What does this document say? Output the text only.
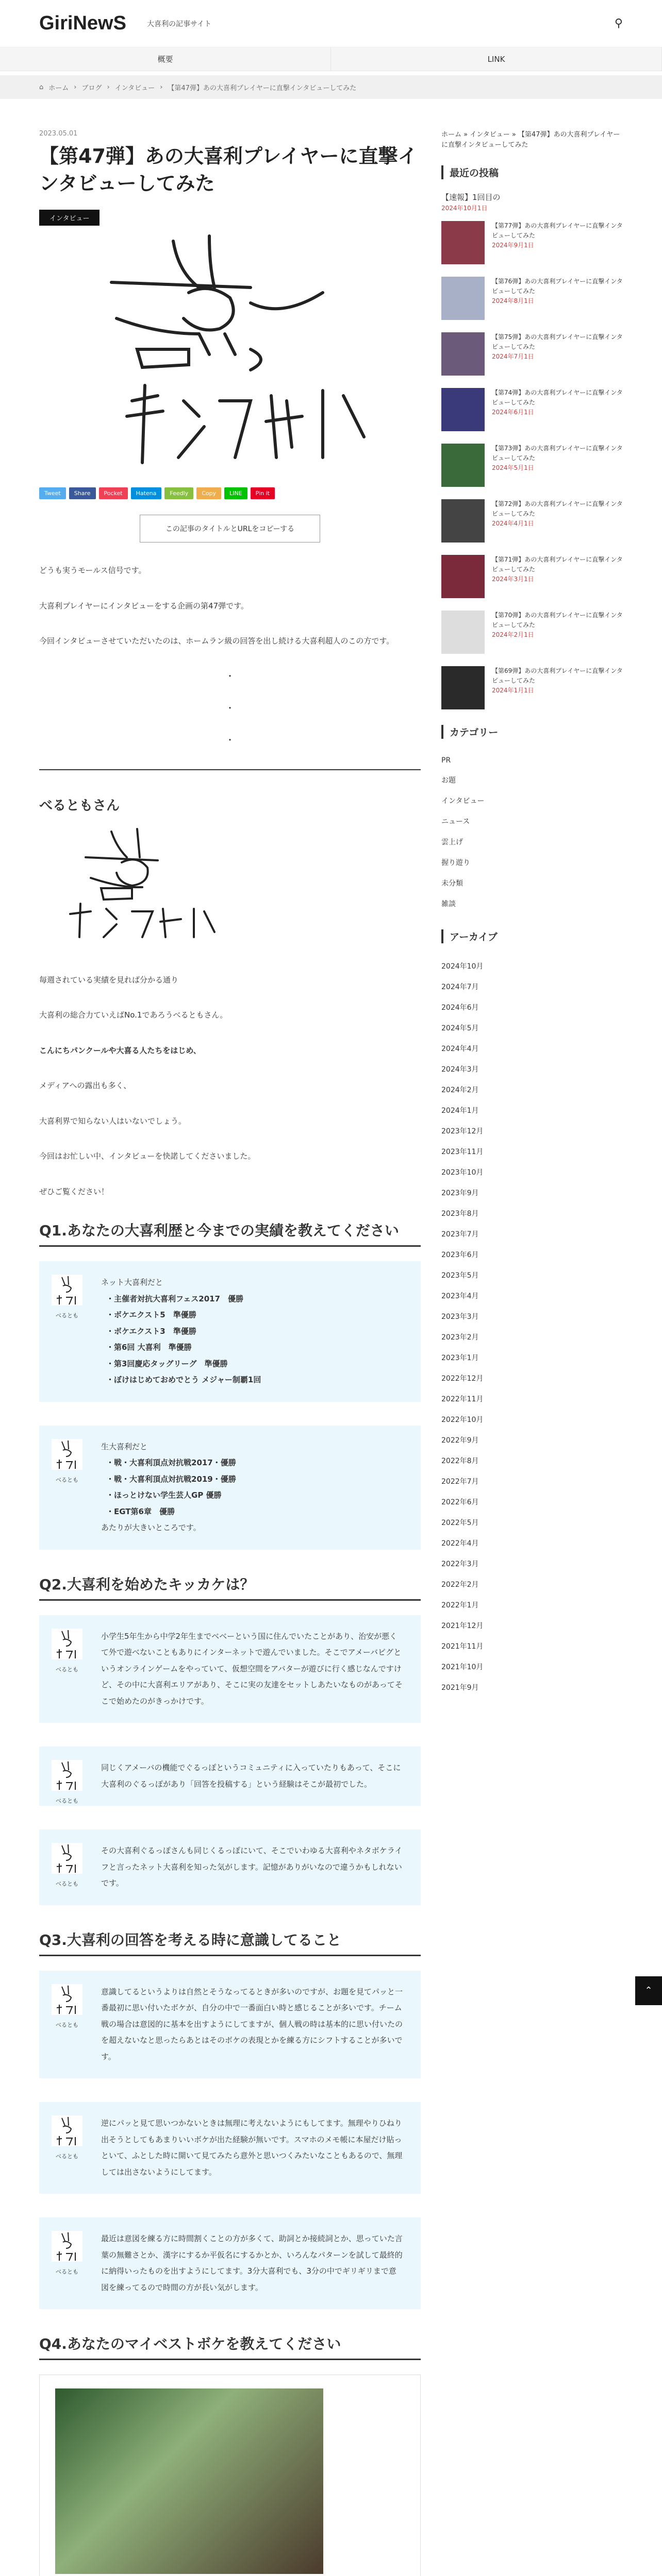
GiriNewS	大喜利の記事サイト	⚲
概要	LINK
⌂ ホーム › ブログ › インタビュー › 【第47弾】あの大喜利プレイヤーに直撃インタビューしてみた
2023.05.01
【第47弾】あの大喜利プレイヤーに直撃インタビューしてみた
インタビュー
Tweet	Share	Pocket	Hatena	Feedly	Copy	LINE	Pin it
この記事のタイトルとURLをコピーする

どうも実うモールス信号です。

大喜利プレイヤーにインタビューをする企画の第47弾です。

今回インタビューさせていただいたのは、ホームラン級の回答を出し続ける大喜利超人のこの方です。

・
・
・
べるともさん

毎週されている実績を見れば分かる通り

大喜利の総合力ていえばNo.1であろうべるともさん。

こんにちパンクールや大喜る人たちをはじめ、

メディアへの露出も多く、

大喜利界で知らない人はいないでしょう。

今回はお忙しい中、インタビューを快諾してくださいました。

ぜひご覧ください！

Q1.あなたの大喜利歴と今までの実績を教えてください
べるとも
ネット大喜利だと
・主催者対抗大喜利フェス2017　優勝
・ボケエクスト5　準優勝
・ボケエクスト3　準優勝
・第6回 大喜利　準優勝
・第3回慶応タッグリーグ　準優勝
・ぼけはじめておめでとう メジャー制覇1回
べるとも
生大喜利だと
・戦・大喜利頂点対抗戦2017・優勝
・戦・大喜利頂点対抗戦2019・優勝
・ほっとけない学生芸人GP 優勝
・EGT第6章　優勝
あたりが大きいところです。
Q2.大喜利を始めたキッカケは？
べるとも
小学生5年生から中学2年生までベベーという国に住んでいたことがあり、治安が悪くて外で遊べないこともありにインターネットで遊んでいました。そこでアメーバピグというオンラインゲームをやっていて、仮想空間をアバターが遊びに行く感じなんですけど、その中に大喜利エリアがあり、そこに実の友達をセットしあたいなものがあってそこで始めたのがきっかけです。
べるとも
同じくアメーバの機能でぐるっぽというコミュニティに入っていたりもあって、そこに大喜利のぐるっぽがあり「回答を投稿する」という経験はそこが最初でした。
べるとも
その大喜利ぐるっぽさんも同じくるっぽにいて、そこでいわゆる大喜利やネタボケライフと言ったネット大喜利を知った気がします。記憶がありがいなので違うかもしれないです。
Q3.大喜利の回答を考える時に意識してること
べるとも
意識してるというよりは自然とそうなってるときが多いのですが、お題を見てパッと一番最初に思い付いたボケが、自分の中で一番面白い時と感じることが多いです。チーム戦の場合は意図的に基本を出すようにしてますが、個人戦の時は基本的に思い付いたのを超えないなと思ったらあとはそのボケの表現とかを練る方にシフトすることが多いです。
べるとも
逆にパッと見て思いつかないときは無理に考えないようにもしてます。無理やりひねり出そうとしてもあまりいいボケが出た経験が無いです。スマホのメモ帳に本屋だけ貼っといて、ふとした時に開いて見てみたら意外と思いつくみたいなこともあるので、無理しては出さないようにしてます。
べるとも
最近は意図を練る方に時間割くことの方が多くて、助詞とか接続詞とか、思っていた言葉の無難さとか、漢字にするか平仮名にするかとか、いろんなパターンを試して最終的に納得いったものを出すようにしてます。3分大喜利でも、3分の中でギリギリまで意図を練ってるので時間の方が長い気がします。
Q4.あなたのマイベストボケを教えてください
ホーム » インタビュー » 【第47弾】あの大喜利プレイヤーに直撃インタビューしてみた
最近の投稿
【速報】1回目の
2024年10月1日
【第77弾】あの大喜利プレイヤーに直撃インタビューしてみた
2024年9月1日
【第76弾】あの大喜利プレイヤーに直撃インタビューしてみた
2024年8月1日
【第75弾】あの大喜利プレイヤーに直撃インタビューしてみた
2024年7月1日
【第74弾】あの大喜利プレイヤーに直撃インタビューしてみた
2024年6月1日
【第73弾】あの大喜利プレイヤーに直撃インタビューしてみた
2024年5月1日
【第72弾】あの大喜利プレイヤーに直撃インタビューしてみた
2024年4月1日
【第71弾】あの大喜利プレイヤーに直撃インタビューしてみた
2024年3月1日
【第70弾】あの大喜利プレイヤーに直撃インタビューしてみた
2024年2月1日
【第69弾】あの大喜利プレイヤーに直撃インタビューしてみた
2024年1月1日
カテゴリー
PR
お題
インタビュー
ニュース
雲上げ
握り遊り
未分類
雑談
アーカイブ
2024年10月
2024年7月
2024年6月
2024年5月
2024年4月
2024年3月
2024年2月
2024年1月
2023年12月
2023年11月
2023年10月
2023年9月
2023年8月
2023年7月
2023年6月
2023年5月
2023年4月
2023年3月
2023年2月
2023年1月
2022年12月
2022年11月
2022年10月
2022年9月
2022年8月
2022年7月
2022年6月
2022年5月
2022年4月
2022年3月
2022年2月
2022年1月
2021年12月
2021年11月
2021年10月
2021年9月
⌃
